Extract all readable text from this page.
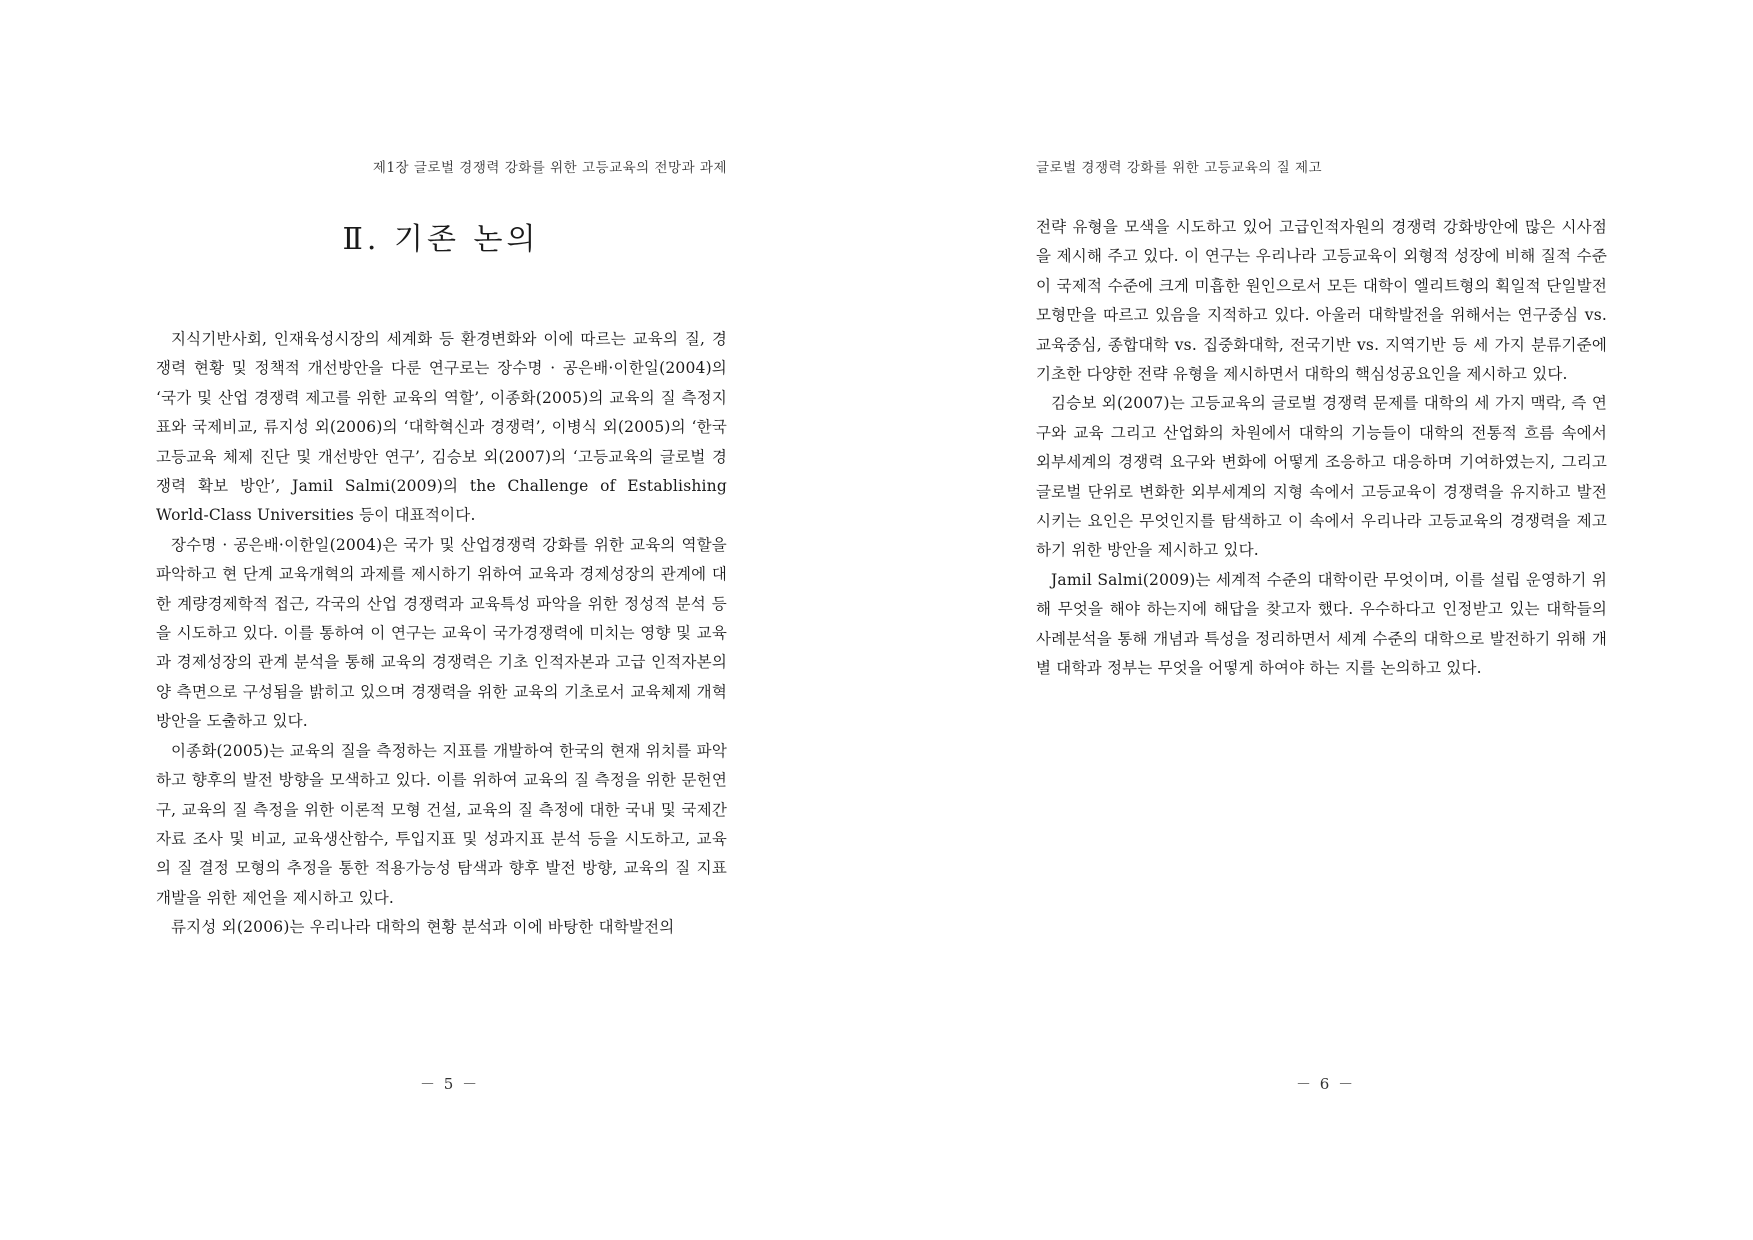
제1장 글로벌 경쟁력 강화를 위한 고등교육의 전망과 과제
Ⅱ. 기존 논의

지식기반사회, 인재육성시장의 세계화 등 환경변화와 이에 따르는 교육의 질, 경쟁력 현황 및 정책적 개선방안을 다룬 연구로는 장수명 · 공은배·이한일(2004)의 ‘국가 및 산업 경쟁력 제고를 위한 교육의 역할’, 이종화(2005)의 교육의 질 측정지표와 국제비교, 류지성 외(2006)의 ‘대학혁신과 경쟁력’, 이병식 외(2005)의 ‘한국 고등교육 체제 진단 및 개선방안 연구’, 김승보 외(2007)의 ‘고등교육의 글로벌 경쟁력 확보 방안’, Jamil Salmi(2009)의 the Challenge of Establishing World-Class Universities 등이 대표적이다.

장수명 · 공은배·이한일(2004)은 국가 및 산업경쟁력 강화를 위한 교육의 역할을 파악하고 현 단계 교육개혁의 과제를 제시하기 위하여 교육과 경제성장의 관계에 대한 계량경제학적 접근, 각국의 산업 경쟁력과 교육특성 파악을 위한 정성적 분석 등을 시도하고 있다. 이를 통하여 이 연구는 교육이 국가경쟁력에 미치는 영향 및 교육과 경제성장의 관계 분석을 통해 교육의 경쟁력은 기초 인적자본과 고급 인적자본의 양 측면으로 구성됨을 밝히고 있으며 경쟁력을 위한 교육의 기초로서 교육체제 개혁방안을 도출하고 있다.

이종화(2005)는 교육의 질을 측정하는 지표를 개발하여 한국의 현재 위치를 파악하고 향후의 발전 방향을 모색하고 있다. 이를 위하여 교육의 질 측정을 위한 문헌연구, 교육의 질 측정을 위한 이론적 모형 건설, 교육의 질 측정에 대한 국내 및 국제간 자료 조사 및 비교, 교육생산함수, 투입지표 및 성과지표 분석 등을 시도하고, 교육의 질 결정 모형의 추정을 통한 적용가능성 탐색과 향후 발전 방향, 교육의 질 지표개발을 위한 제언을 제시하고 있다.

류지성 외(2006)는 우리나라 대학의 현황 분석과 이에 바탕한 대학발전의

－ 5 －
글로벌 경쟁력 강화를 위한 고등교육의 질 제고

전략 유형을 모색을 시도하고 있어 고급인적자원의 경쟁력 강화방안에 많은 시사점을 제시해 주고 있다. 이 연구는 우리나라 고등교육이 외형적 성장에 비해 질적 수준이 국제적 수준에 크게 미흡한 원인으로서 모든 대학이 엘리트형의 획일적 단일발전모형만을 따르고 있음을 지적하고 있다. 아울러 대학발전을 위해서는 연구중심 vs. 교육중심, 종합대학 vs. 집중화대학, 전국기반 vs. 지역기반 등 세 가지 분류기준에 기초한 다양한 전략 유형을 제시하면서 대학의 핵심성공요인을 제시하고 있다.

김승보 외(2007)는 고등교육의 글로벌 경쟁력 문제를 대학의 세 가지 맥락, 즉 연구와 교육 그리고 산업화의 차원에서 대학의 기능들이 대학의 전통적 흐름 속에서 외부세계의 경쟁력 요구와 변화에 어떻게 조응하고 대응하며 기여하였는지, 그리고 글로벌 단위로 변화한 외부세계의 지형 속에서 고등교육이 경쟁력을 유지하고 발전시키는 요인은 무엇인지를 탐색하고 이 속에서 우리나라 고등교육의 경쟁력을 제고하기 위한 방안을 제시하고 있다.

Jamil Salmi(2009)는 세계적 수준의 대학이란 무엇이며, 이를 설립 운영하기 위해 무엇을 해야 하는지에 해답을 찾고자 했다. 우수하다고 인정받고 있는 대학들의 사례분석을 통해 개념과 특성을 정리하면서 세계 수준의 대학으로 발전하기 위해 개별 대학과 정부는 무엇을 어떻게 하여야 하는 지를 논의하고 있다.

－ 6 －
